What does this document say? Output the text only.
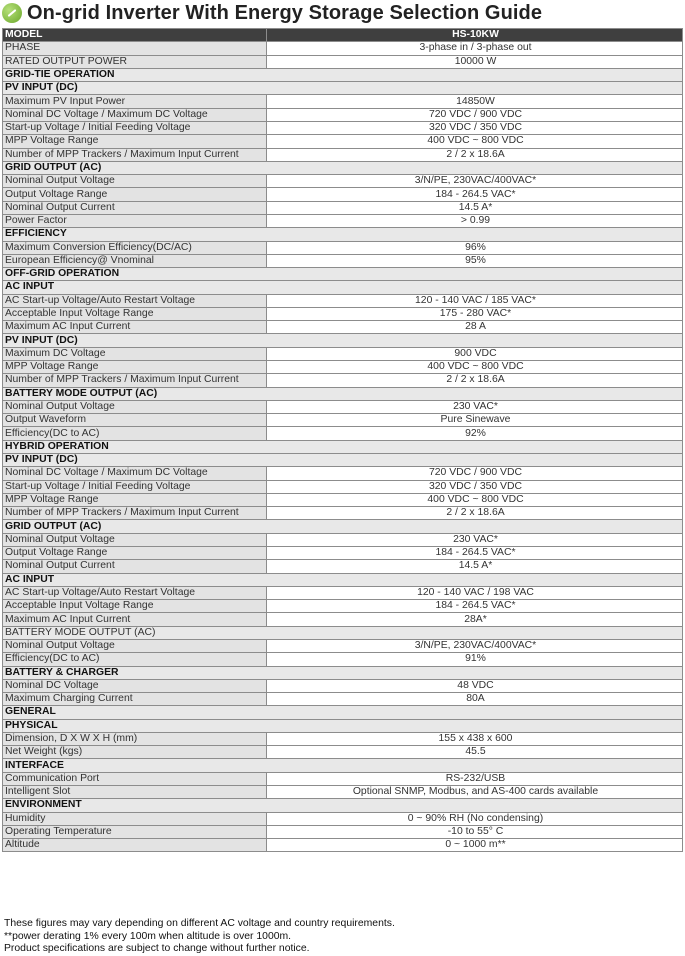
On-grid Inverter With Energy Storage Selection Guide
MODEL	HS-10KW
PHASE	3-phase in / 3-phase out
RATED OUTPUT POWER	10000 W
GRID-TIE OPERATION	
PV INPUT (DC)	
Maximum PV Input Power	14850W
Nominal DC Voltage / Maximum DC Voltage	720 VDC / 900 VDC
Start-up Voltage / Initial Feeding Voltage	320 VDC / 350 VDC
MPP Voltage Range	400 VDC ~ 800 VDC
Number of MPP Trackers / Maximum Input Current	2 / 2 x 18.6A
GRID OUTPUT (AC)	
Nominal Output Voltage	3/N/PE, 230VAC/400VAC*
Output Voltage Range	184 - 264.5 VAC*
Nominal Output Current	14.5 A*
Power Factor	> 0.99
EFFICIENCY	
Maximum Conversion Efficiency(DC/AC)	96%
European Efficiency@ Vnominal	95%
OFF-GRID OPERATION	
AC INPUT	
AC Start-up Voltage/Auto Restart Voltage	120 - 140 VAC / 185 VAC*
Acceptable Input Voltage Range	175 - 280 VAC*
Maximum AC Input Current	28 A
PV INPUT (DC)	
Maximum DC Voltage	900 VDC
MPP Voltage Range	400 VDC ~ 800 VDC
Number of MPP Trackers / Maximum Input Current	2 / 2 x 18.6A
BATTERY MODE OUTPUT (AC)	
Nominal Output Voltage	230 VAC*
Output Waveform	Pure Sinewave
Efficiency(DC to AC)	92%
HYBRID OPERATION	
PV INPUT (DC)	
Nominal DC Voltage / Maximum DC Voltage	720 VDC / 900 VDC
Start-up Voltage / Initial Feeding Voltage	320 VDC / 350 VDC
MPP Voltage Range	400 VDC ~ 800 VDC
Number of MPP Trackers / Maximum Input Current	2 / 2 x 18.6A
GRID OUTPUT (AC)	
Nominal Output Voltage	230 VAC*
Output Voltage Range	184 - 264.5 VAC*
Nominal Output Current	14.5 A*
AC INPUT	
AC Start-up Voltage/Auto Restart Voltage	120 - 140 VAC / 198 VAC
Acceptable Input Voltage Range	184 - 264.5 VAC*
Maximum AC Input Current	28A*
BATTERY MODE OUTPUT (AC)	
Nominal Output Voltage	3/N/PE, 230VAC/400VAC*
Efficiency(DC to AC)	91%
BATTERY & CHARGER	
Nominal DC Voltage	48 VDC
Maximum Charging Current	80A
GENERAL	
PHYSICAL	
Dimension, D X W X H (mm)	155 x 438 x 600
Net Weight (kgs)	45.5
INTERFACE	
Communication Port	RS-232/USB
Intelligent Slot	Optional SNMP, Modbus, and AS-400 cards available
ENVIRONMENT	
Humidity	0 ~ 90% RH (No condensing)
Operating Temperature	-10 to 55° C
Altitude	0 ~ 1000 m**

These figures may vary depending on different AC voltage and country requirements.

**power derating 1% every 100m when altitude is over 1000m.

Product specifications are subject to change without further notice.
